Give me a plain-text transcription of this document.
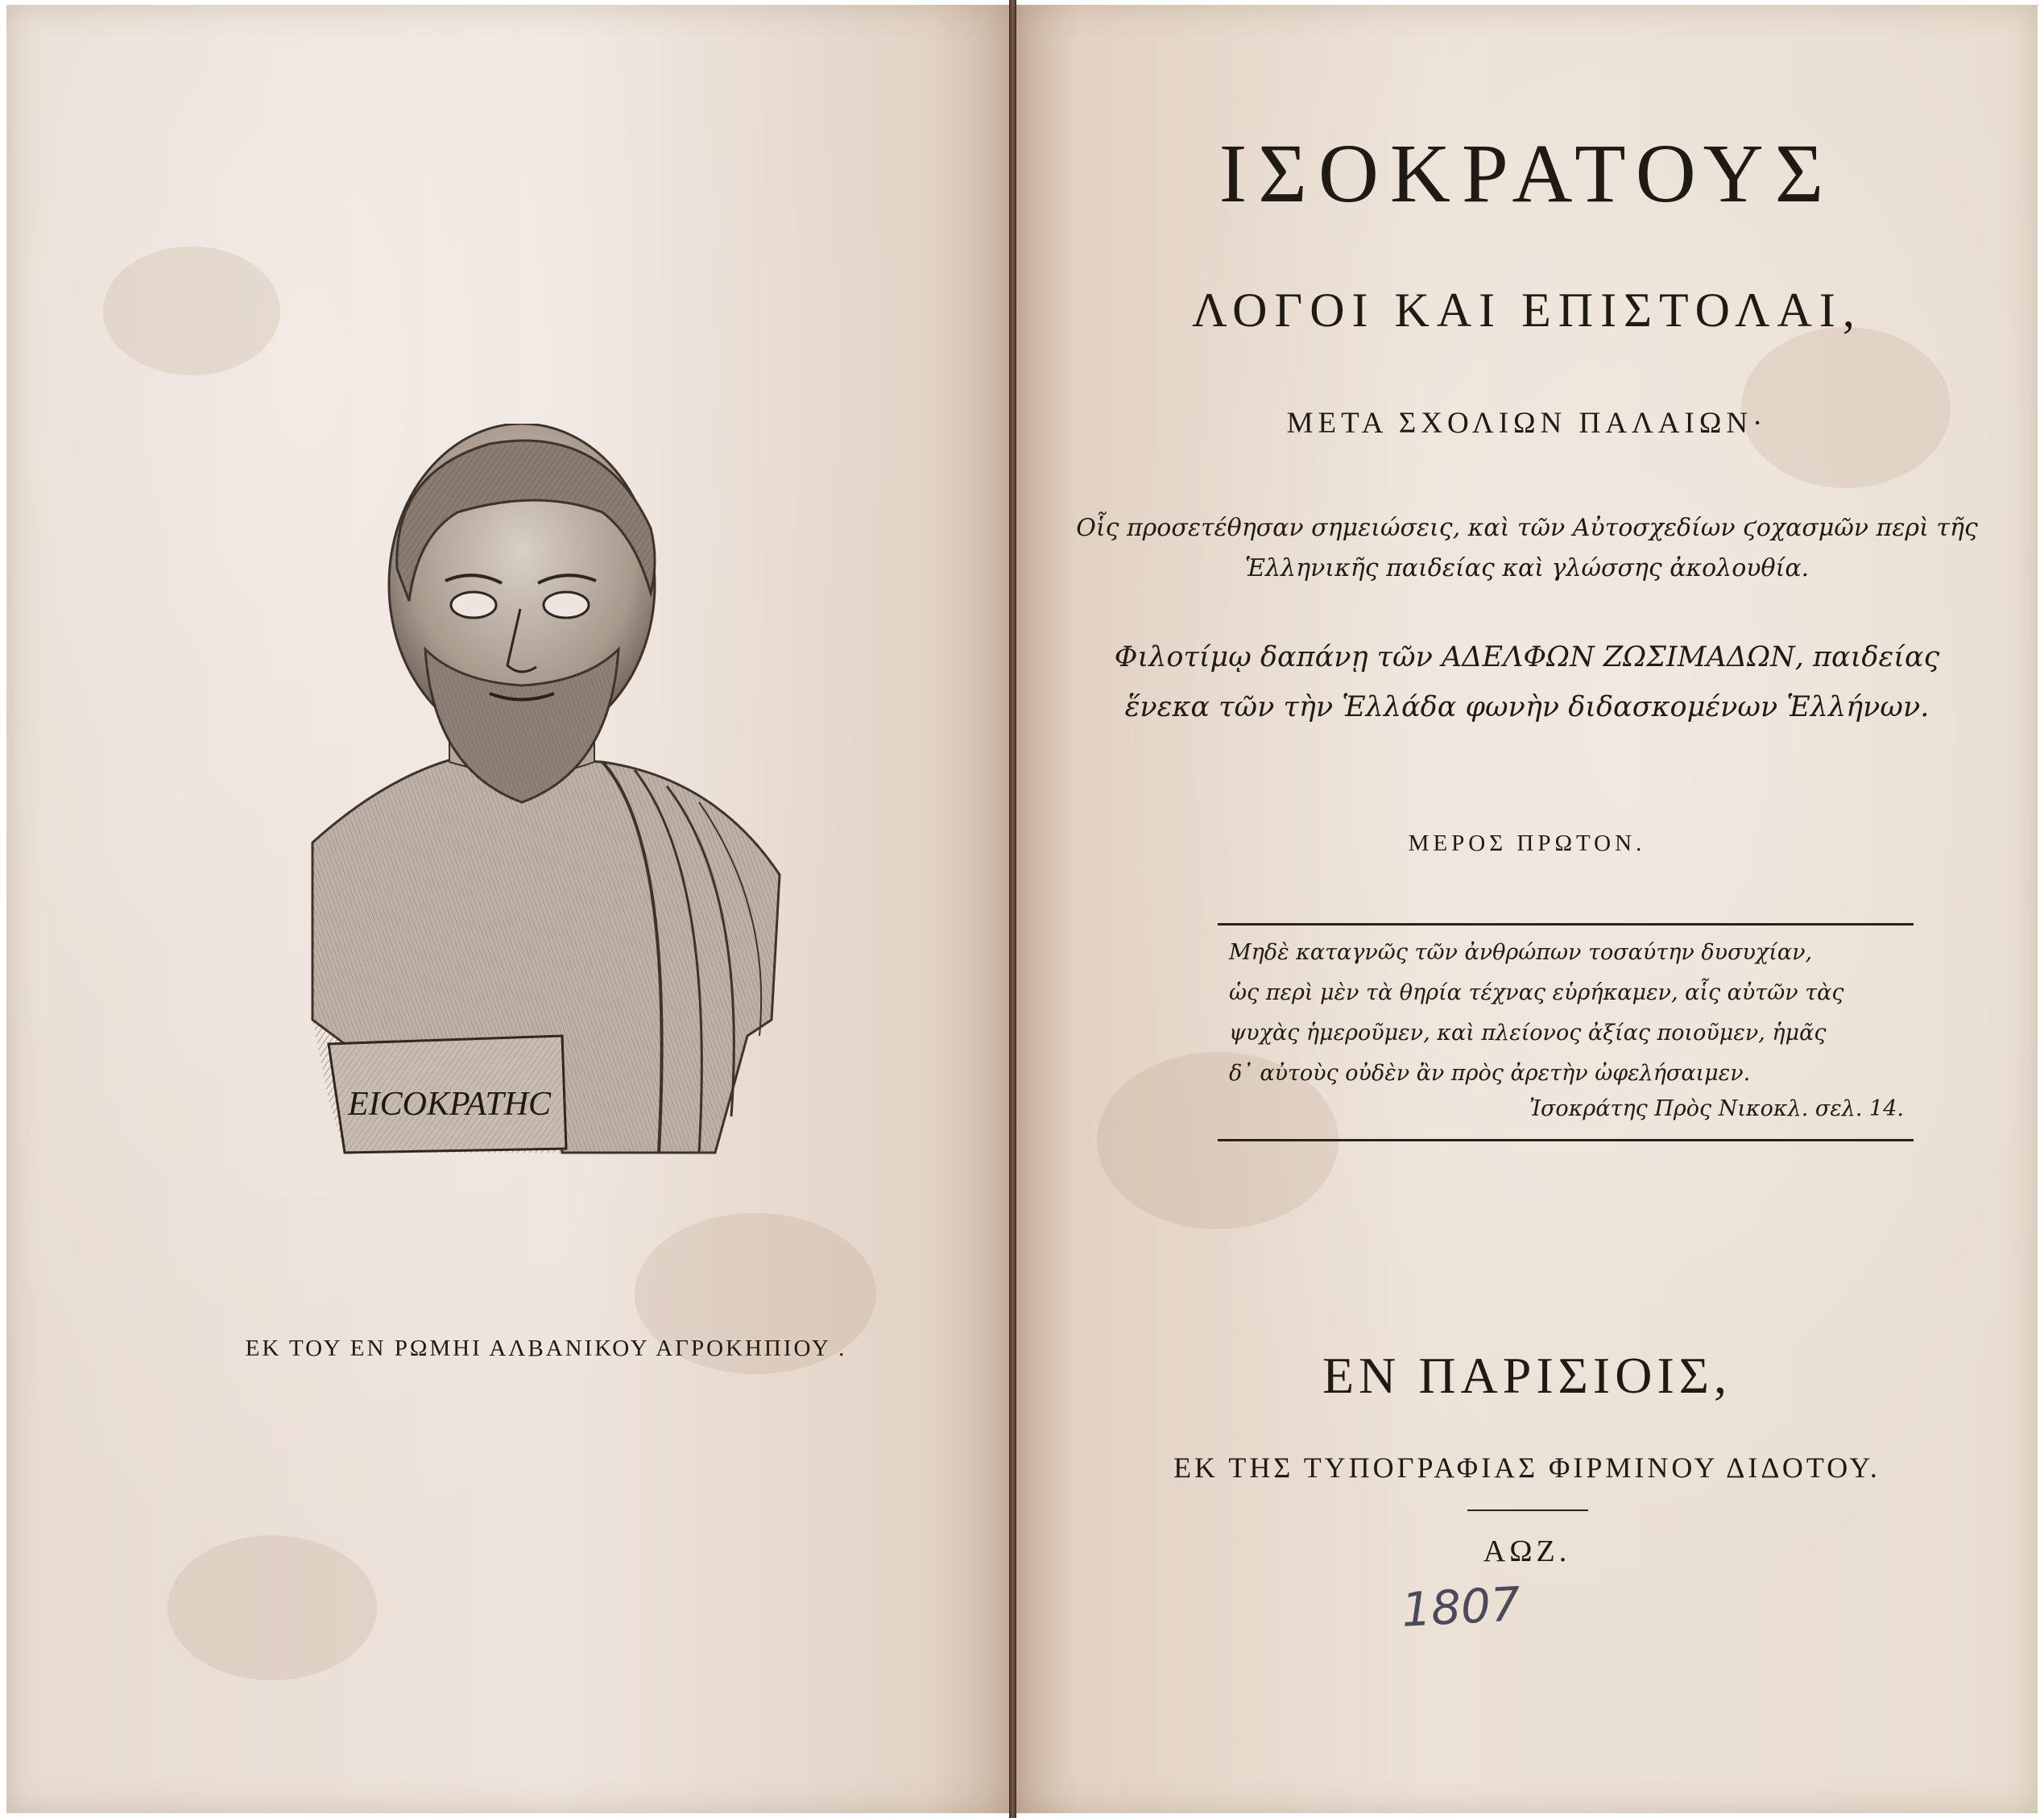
ΕΙCΟΚΡΑΤΗC
ΕΚ ΤΟΥ ΕΝ ΡΩΜΗΙ ΑΛΒΑΝΙΚΟΥ ΑΓΡΟΚΗΠΙΟΥ .
ΙΣΟΚΡΑΤΟΥΣ
ΛΟΓΟΙ ΚΑΙ ΕΠΙΣΤΟΛΑΙ,
ΜΕΤΑ ΣΧΟΛΙΩΝ ΠΑΛΑΙΩΝ·
Οἷς προσετέθησαν σημειώσεις, καὶ τῶν Αὐτοσχεδίων ϛοχασμῶν περὶ τῆς
Ἑλληνικῆς παιδείας καὶ γλώσσης ἀκολουθία.
Φιλοτίμῳ δαπάνῃ τῶν ΑΔΕΛΦΩΝ ΖΩΣΙΜΑΔΩΝ, παιδείας
ἕνεκα τῶν τὴν Ἑλλάδα φωνὴν διδασκομένων Ἑλλήνων.
ΜΕΡΟΣ ΠΡΩΤΟΝ.
Μηδὲ καταγνῶς τῶν ἀνθρώπων τοσαύτην δυσυχίαν,
ὡς περὶ μὲν τὰ θηρία τέχνας εὑρήκαμεν, αἷς αὐτῶν τὰς
ψυχὰς ἡμεροῦμεν, καὶ πλείονος ἀξίας ποιοῦμεν, ἡμᾶς
δ᾽ αὐτοὺς οὐδὲν ἂν πρὸς ἀρετὴν ὠφελήσαιμεν.
Ἰσοκράτης Πρὸς Νικοκλ. σελ. 14.
ΕΝ ΠΑΡΙΣΙΟΙΣ,
ΕΚ ΤΗΣ ΤΥΠΟΓΡΑΦΙΑΣ ΦΙΡΜΙΝΟΥ ΔΙΔΟΤΟΥ.
ΑΩΖ.
1807
